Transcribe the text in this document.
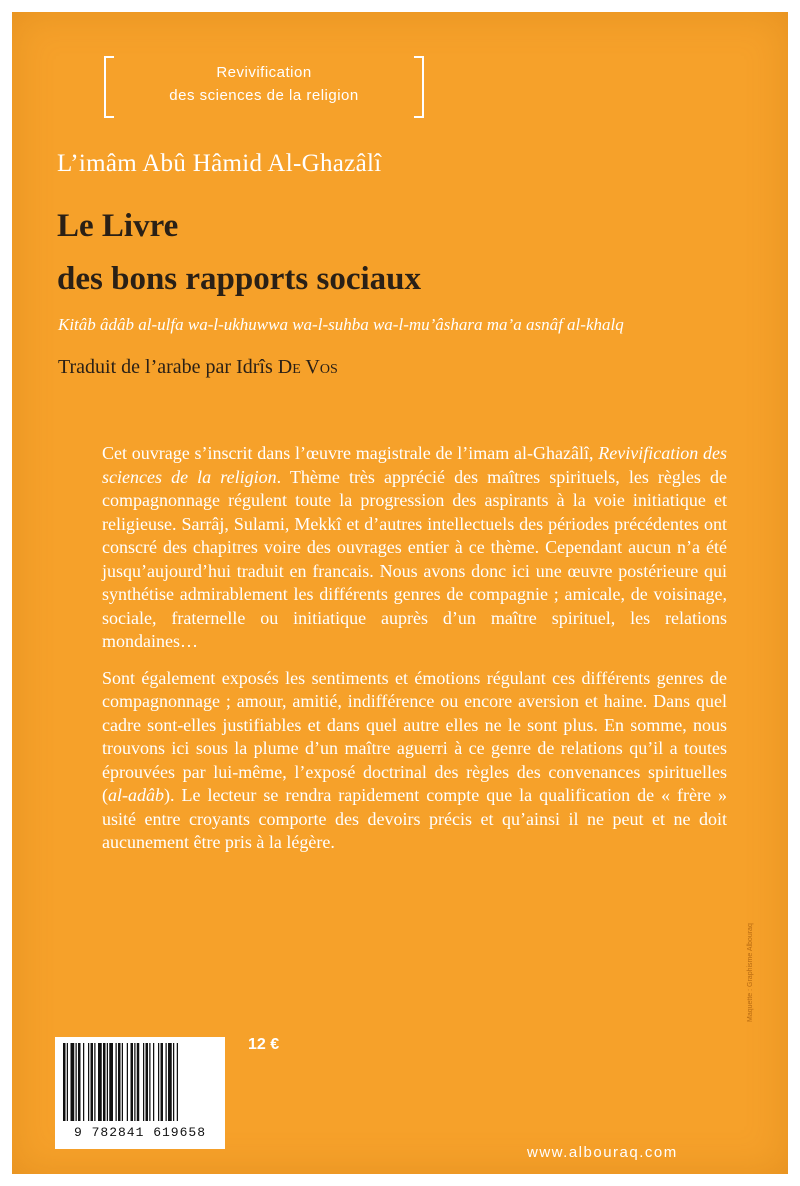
Revivification
des sciences de la religion
L’imâm Abû Hâmid Al-Ghazâlî
Le Livre
des bons rapports sociaux
Kitâb âdâb al-ulfa wa-l-ukhuwwa wa-l-suhba wa-l-mu’âshara ma’a asnâf al-khalq
Traduit de l’arabe par Idrîs De Vos

Cet ouvrage s’inscrit dans l’œuvre magistrale de l’imam al-Ghazâlî, Revivification des sciences de la religion. Thème très apprécié des maîtres spirituels, les règles de compagnonnage régulent toute la progression des aspirants à la voie initiatique et religieuse. Sarrâj, Sulami, Mekkî et d’autres intellectuels des périodes précédentes ont conscré des chapitres voire des ouvrages entier à ce thème. Cependant aucun n’a été jusqu’aujourd’hui traduit en francais. Nous avons donc ici une œuvre postérieure qui synthétise admirablement les différents genres de compagnie ; amicale, de voisinage, sociale, fraternelle ou initiatique auprès d’un maître spirituel, les relations mondaines…

Sont également exposés les sentiments et émotions régulant ces différents genres de compagnonnage ; amour, amitié, indifférence ou encore aversion et haine. Dans quel cadre sont-elles justifiables et dans quel autre elles ne le sont plus. En somme, nous trouvons ici sous la plume d’un maître aguerri à ce genre de relations qu’il a toutes éprouvées par lui-même, l’exposé doctrinal des règles des convenances spirituelles (al-adâb). Le lecteur se rendra rapidement compte que la qualification de « frère » usité entre croyants comporte des devoirs précis et qu’ainsi il ne peut et ne doit aucunement être pris à la légère.

Maquette : Graphisme Albouraq
9 782841 619658
12 €
www.albouraq.com
